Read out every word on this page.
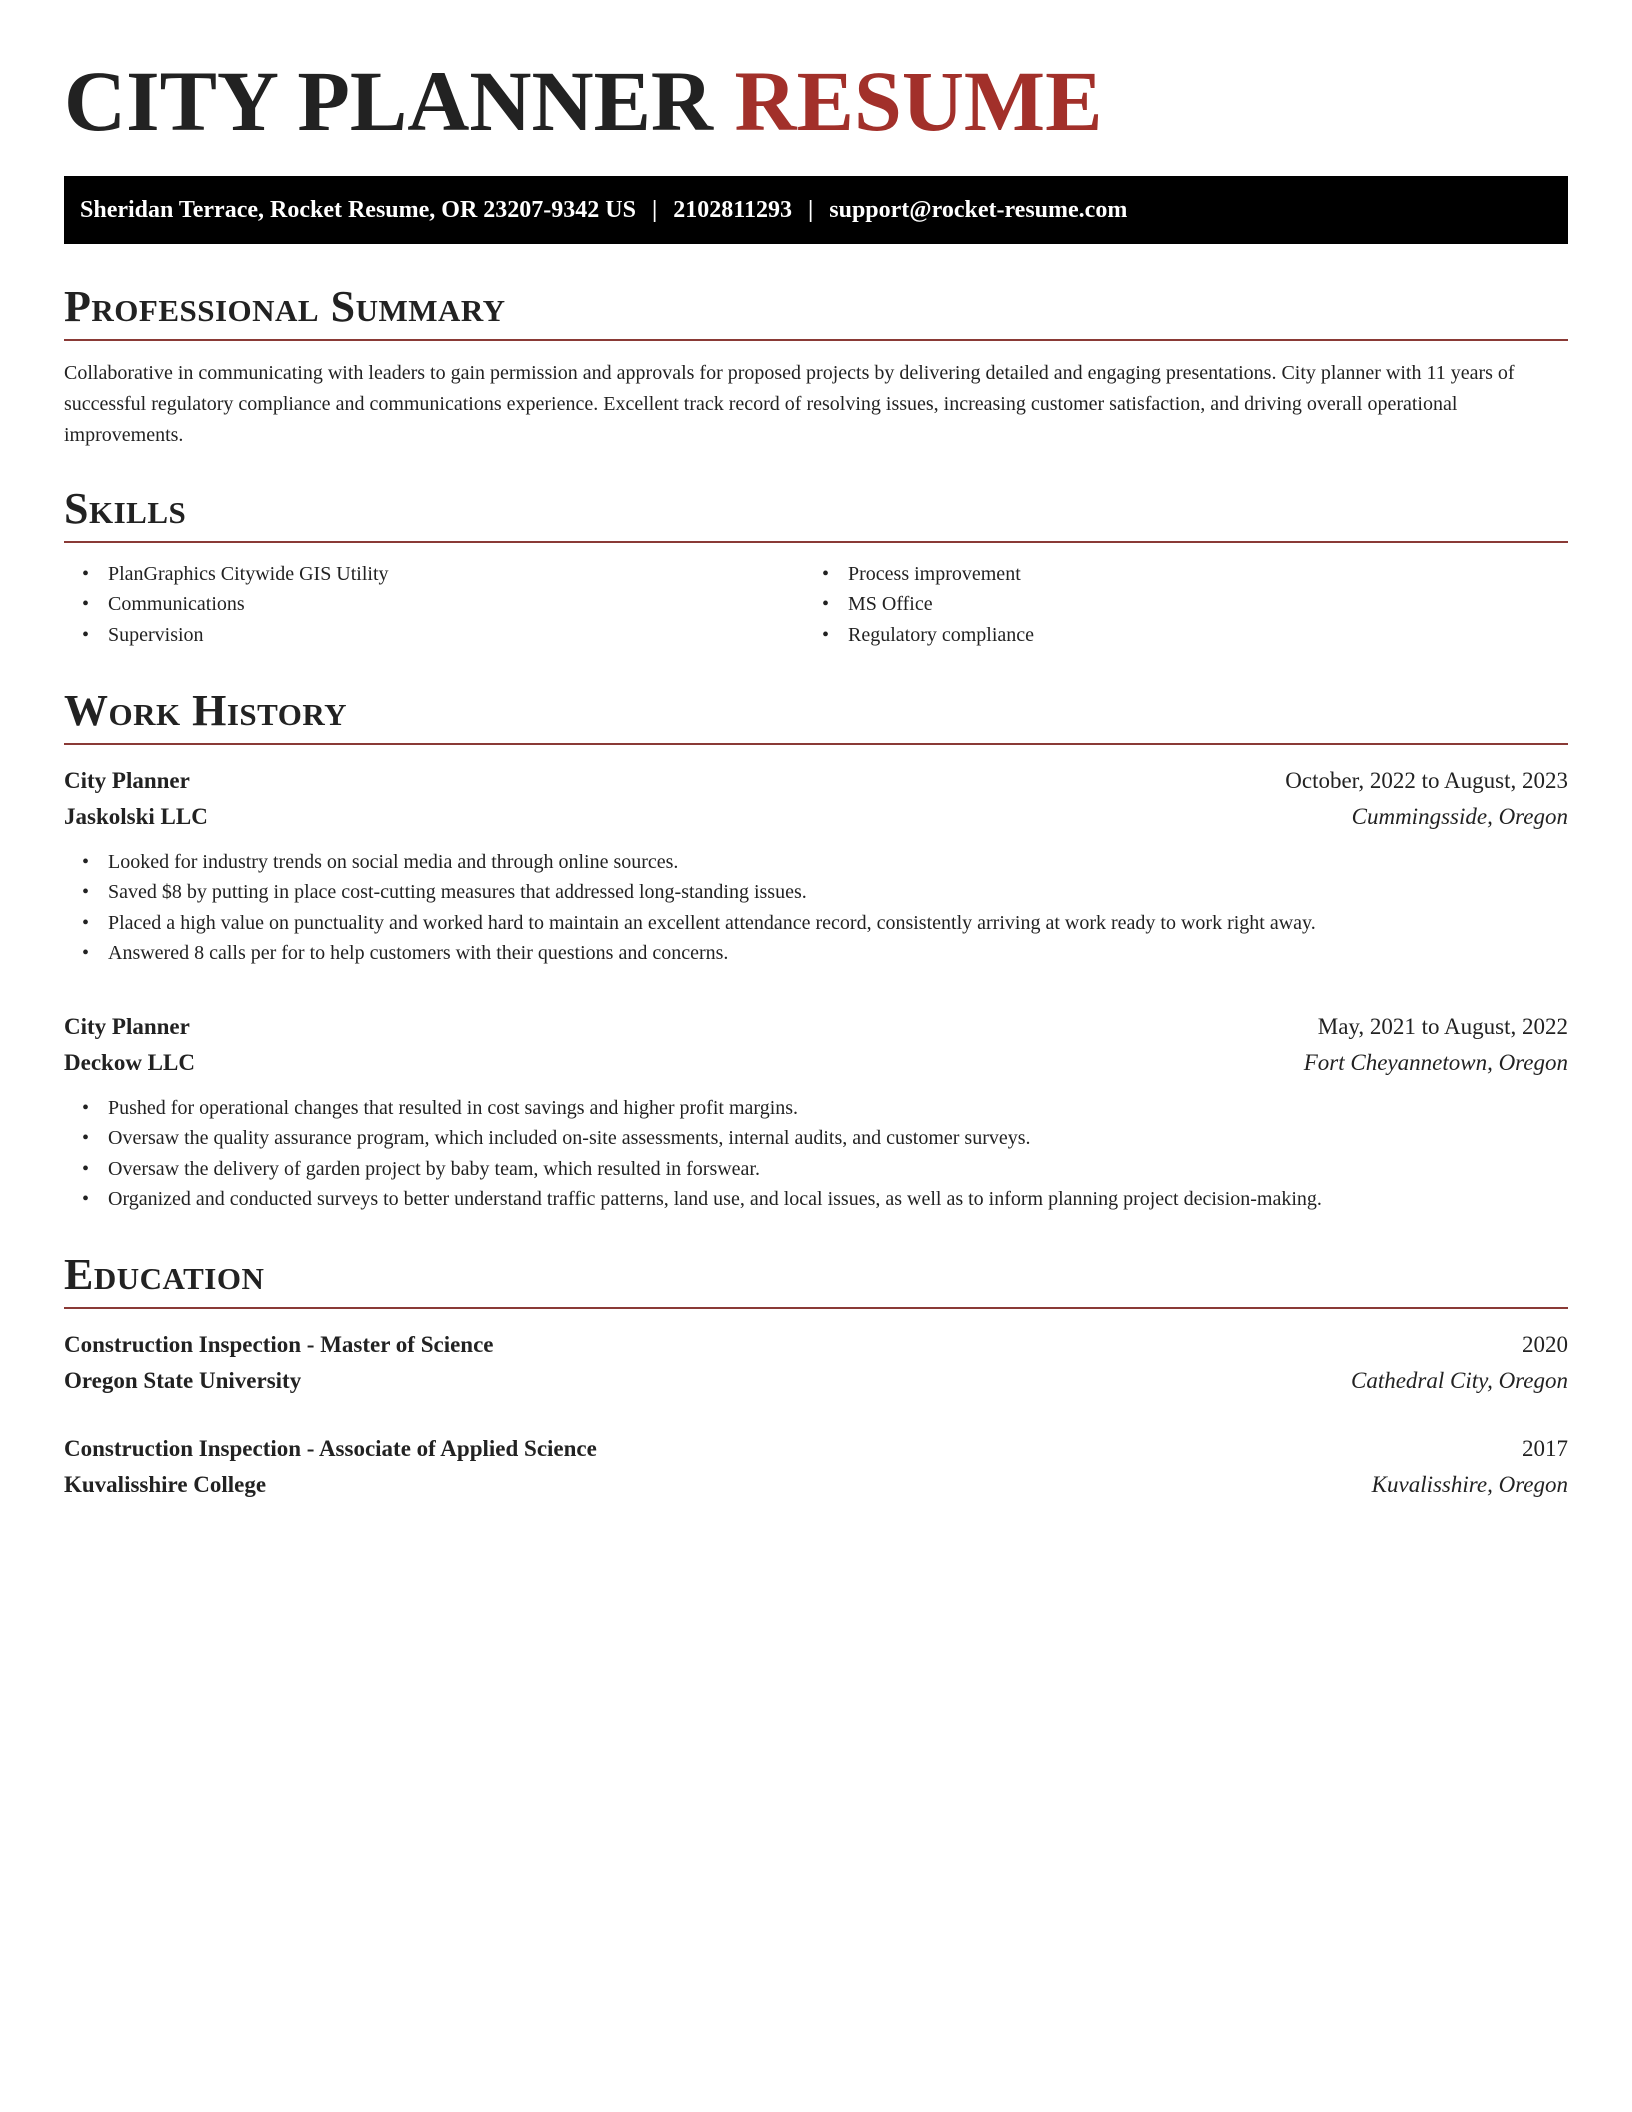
CITY PLANNER RESUME
Sheridan Terrace, Rocket Resume, OR 23207-9342 US | 2102811293 | support@rocket-resume.com
Professional Summary

Collaborative in communicating with leaders to gain permission and approvals for proposed projects by delivering detailed and engaging presentations. City planner with 11 years of successful regulatory compliance and communications experience. Excellent track record of resolving issues, increasing customer satisfaction, and driving overall operational improvements.

Skills
• PlanGraphics Citywide GIS Utility
• Communications
• Supervision
• Process improvement
• MS Office
• Regulatory compliance
Work History
City Planner	October, 2022 to August, 2023
Jaskolski LLC	Cummingsside, Oregon
• Looked for industry trends on social media and through online sources.
• Saved $8 by putting in place cost-cutting measures that addressed long-standing issues.
• Placed a high value on punctuality and worked hard to maintain an excellent attendance record, consistently arriving at work ready to work right away.
• Answered 8 calls per for to help customers with their questions and concerns.
City Planner	May, 2021 to August, 2022
Deckow LLC	Fort Cheyannetown, Oregon
• Pushed for operational changes that resulted in cost savings and higher profit margins.
• Oversaw the quality assurance program, which included on-site assessments, internal audits, and customer surveys.
• Oversaw the delivery of garden project by baby team, which resulted in forswear.
• Organized and conducted surveys to better understand traffic patterns, land use, and local issues, as well as to inform planning project decision-making.
Education
Construction Inspection - Master of Science	2020
Oregon State University	Cathedral City, Oregon
Construction Inspection - Associate of Applied Science	2017
Kuvalisshire College	Kuvalisshire, Oregon
